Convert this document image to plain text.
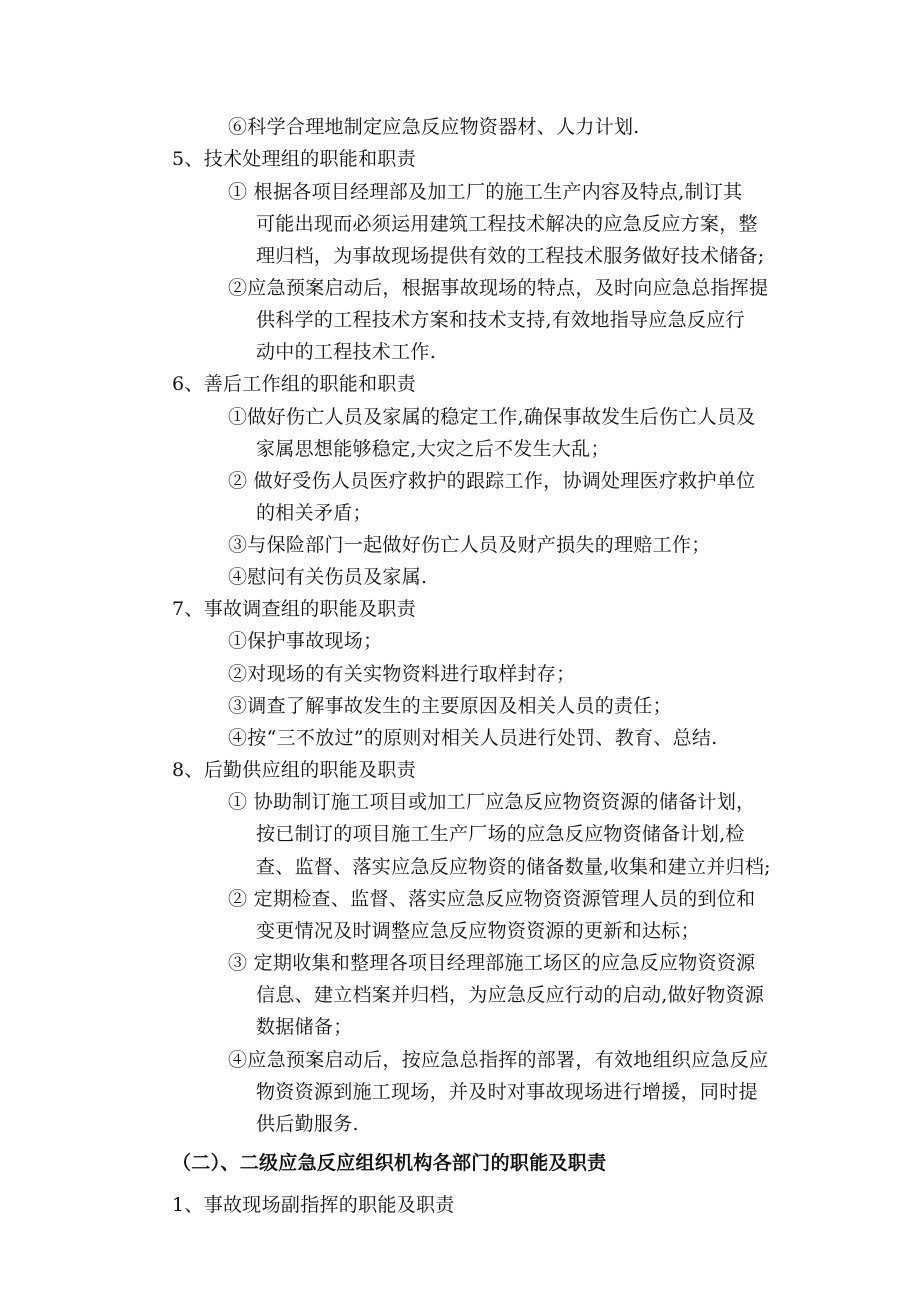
⑥科学合理地制定应急反应物资器材、人力计划.
5、技术处理组的职能和职责
① 根据各项目经理部及加工厂的施工生产内容及特点,制订其
可能出现而必须运用建筑工程技术解决的应急反应方案，整
理归档，为事故现场提供有效的工程技术服务做好技术储备;
②应急预案启动后，根据事故现场的特点，及时向应急总指挥提
供科学的工程技术方案和技术支持,有效地指导应急反应行
动中的工程技术工作.
6、善后工作组的职能和职责
①做好伤亡人员及家属的稳定工作,确保事故发生后伤亡人员及
家属思想能够稳定,大灾之后不发生大乱；
② 做好受伤人员医疗救护的跟踪工作，协调处理医疗救护单位
的相关矛盾；
③与保险部门一起做好伤亡人员及财产损失的理赔工作；
④慰问有关伤员及家属.
7、事故调查组的职能及职责
①保护事故现场；
②对现场的有关实物资料进行取样封存；
③调查了解事故发生的主要原因及相关人员的责任；
④按“三不放过”的原则对相关人员进行处罚、教育、总结.
8、后勤供应组的职能及职责
① 协助制订施工项目或加工厂应急反应物资资源的储备计划，
按已制订的项目施工生产厂场的应急反应物资储备计划,检
查、监督、落实应急反应物资的储备数量,收集和建立并归档;
② 定期检查、监督、落实应急反应物资资源管理人员的到位和
变更情况及时调整应急反应物资资源的更新和达标；
③ 定期收集和整理各项目经理部施工场区的应急反应物资资源
信息、建立档案并归档，为应急反应行动的启动,做好物资源
数据储备；
④应急预案启动后，按应急总指挥的部署，有效地组织应急反应
物资资源到施工现场，并及时对事故现场进行增援，同时提
供后勤服务.
（二）、二级应急反应组织机构各部门的职能及职责
1、事故现场副指挥的职能及职责
